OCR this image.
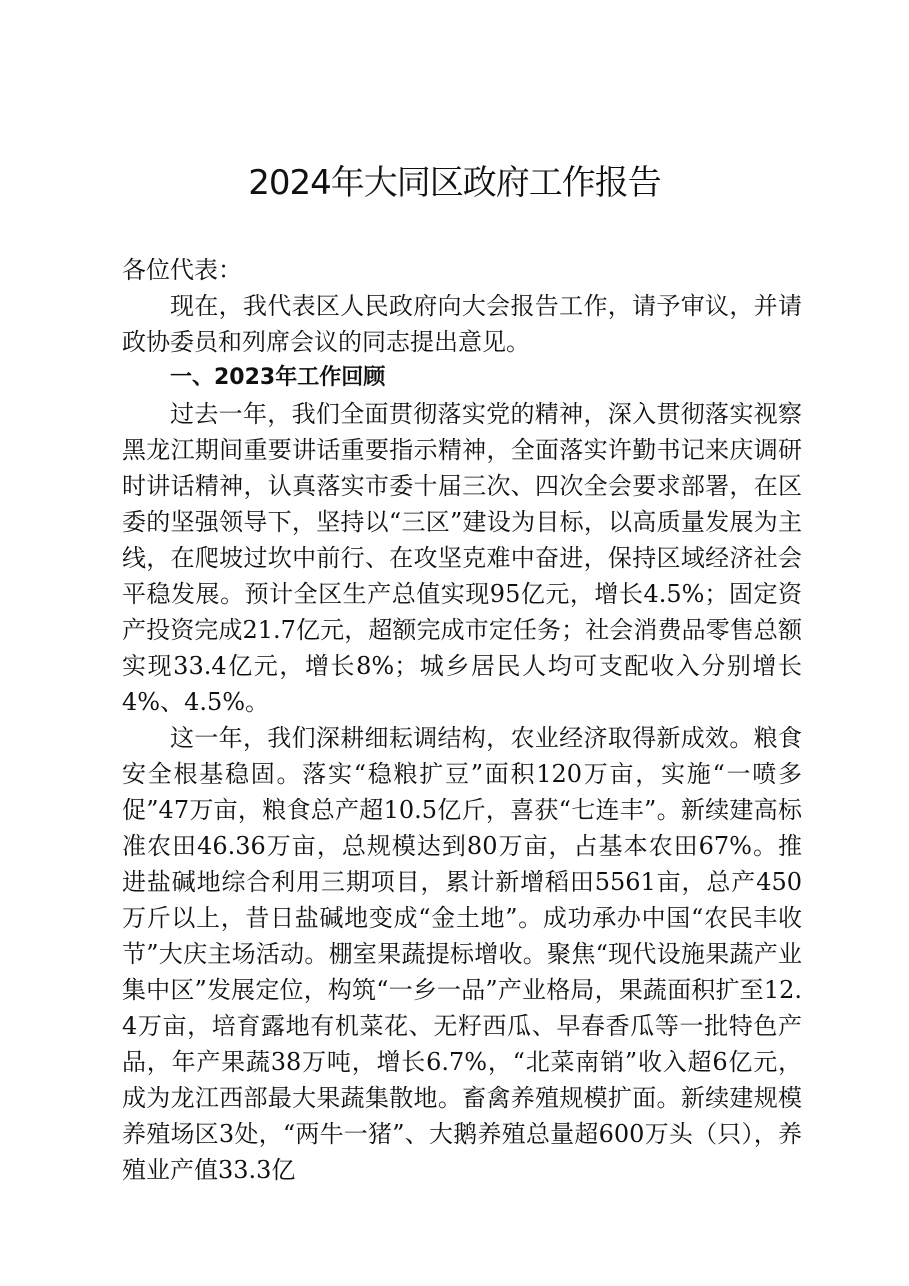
2024年大同区政府工作报告

各位代表：

现在，我代表区人民政府向大会报告工作，请予审议，并请政协委员和列席会议的同志提出意见。

一、2023年工作回顾

过去一年，我们全面贯彻落实党的精神，深入贯彻落实视察黑龙江期间重要讲话重要指示精神，全面落实许勤书记来庆调研时讲话精神，认真落实市委十届三次、四次全会要求部署，在区委的坚强领导下，坚持以“三区”建设为目标，以高质量发展为主线，在爬坡过坎中前行、在攻坚克难中奋进，保持区域经济社会平稳发展。预计全区生产总值实现95亿元，增长4.5%；固定资产投资完成21.7亿元，超额完成市定任务；社会消费品零售总额实现33.4亿元，增长8%；城乡居民人均可支配收入分别增长4%、4.5%。

这一年，我们深耕细耘调结构，农业经济取得新成效。粮食安全根基稳固。落实“稳粮扩豆”面积120万亩，实施“一喷多促”47万亩，粮食总产超10.5亿斤，喜获“七连丰”。新续建高标准农田46.36万亩，总规模达到80万亩，占基本农田67%。推进盐碱地综合利用三期项目，累计新增稻田5561亩，总产450万斤以上，昔日盐碱地变成“金土地”。成功承办中国“农民丰收节”大庆主场活动。棚室果蔬提标增收。聚焦“现代设施果蔬产业集中区”发展定位，构筑“一乡一品”产业格局，果蔬面积扩至12.4万亩，培育露地有机菜花、无籽西瓜、早春香瓜等一批特色产品，年产果蔬38万吨，增长6.7%，“北菜南销”收入超6亿元，成为龙江西部最大果蔬集散地。畜禽养殖规模扩面。新续建规模养殖场区3处，“两牛一猪”、大鹅养殖总量超600万头（只），养殖业产值33.3亿
